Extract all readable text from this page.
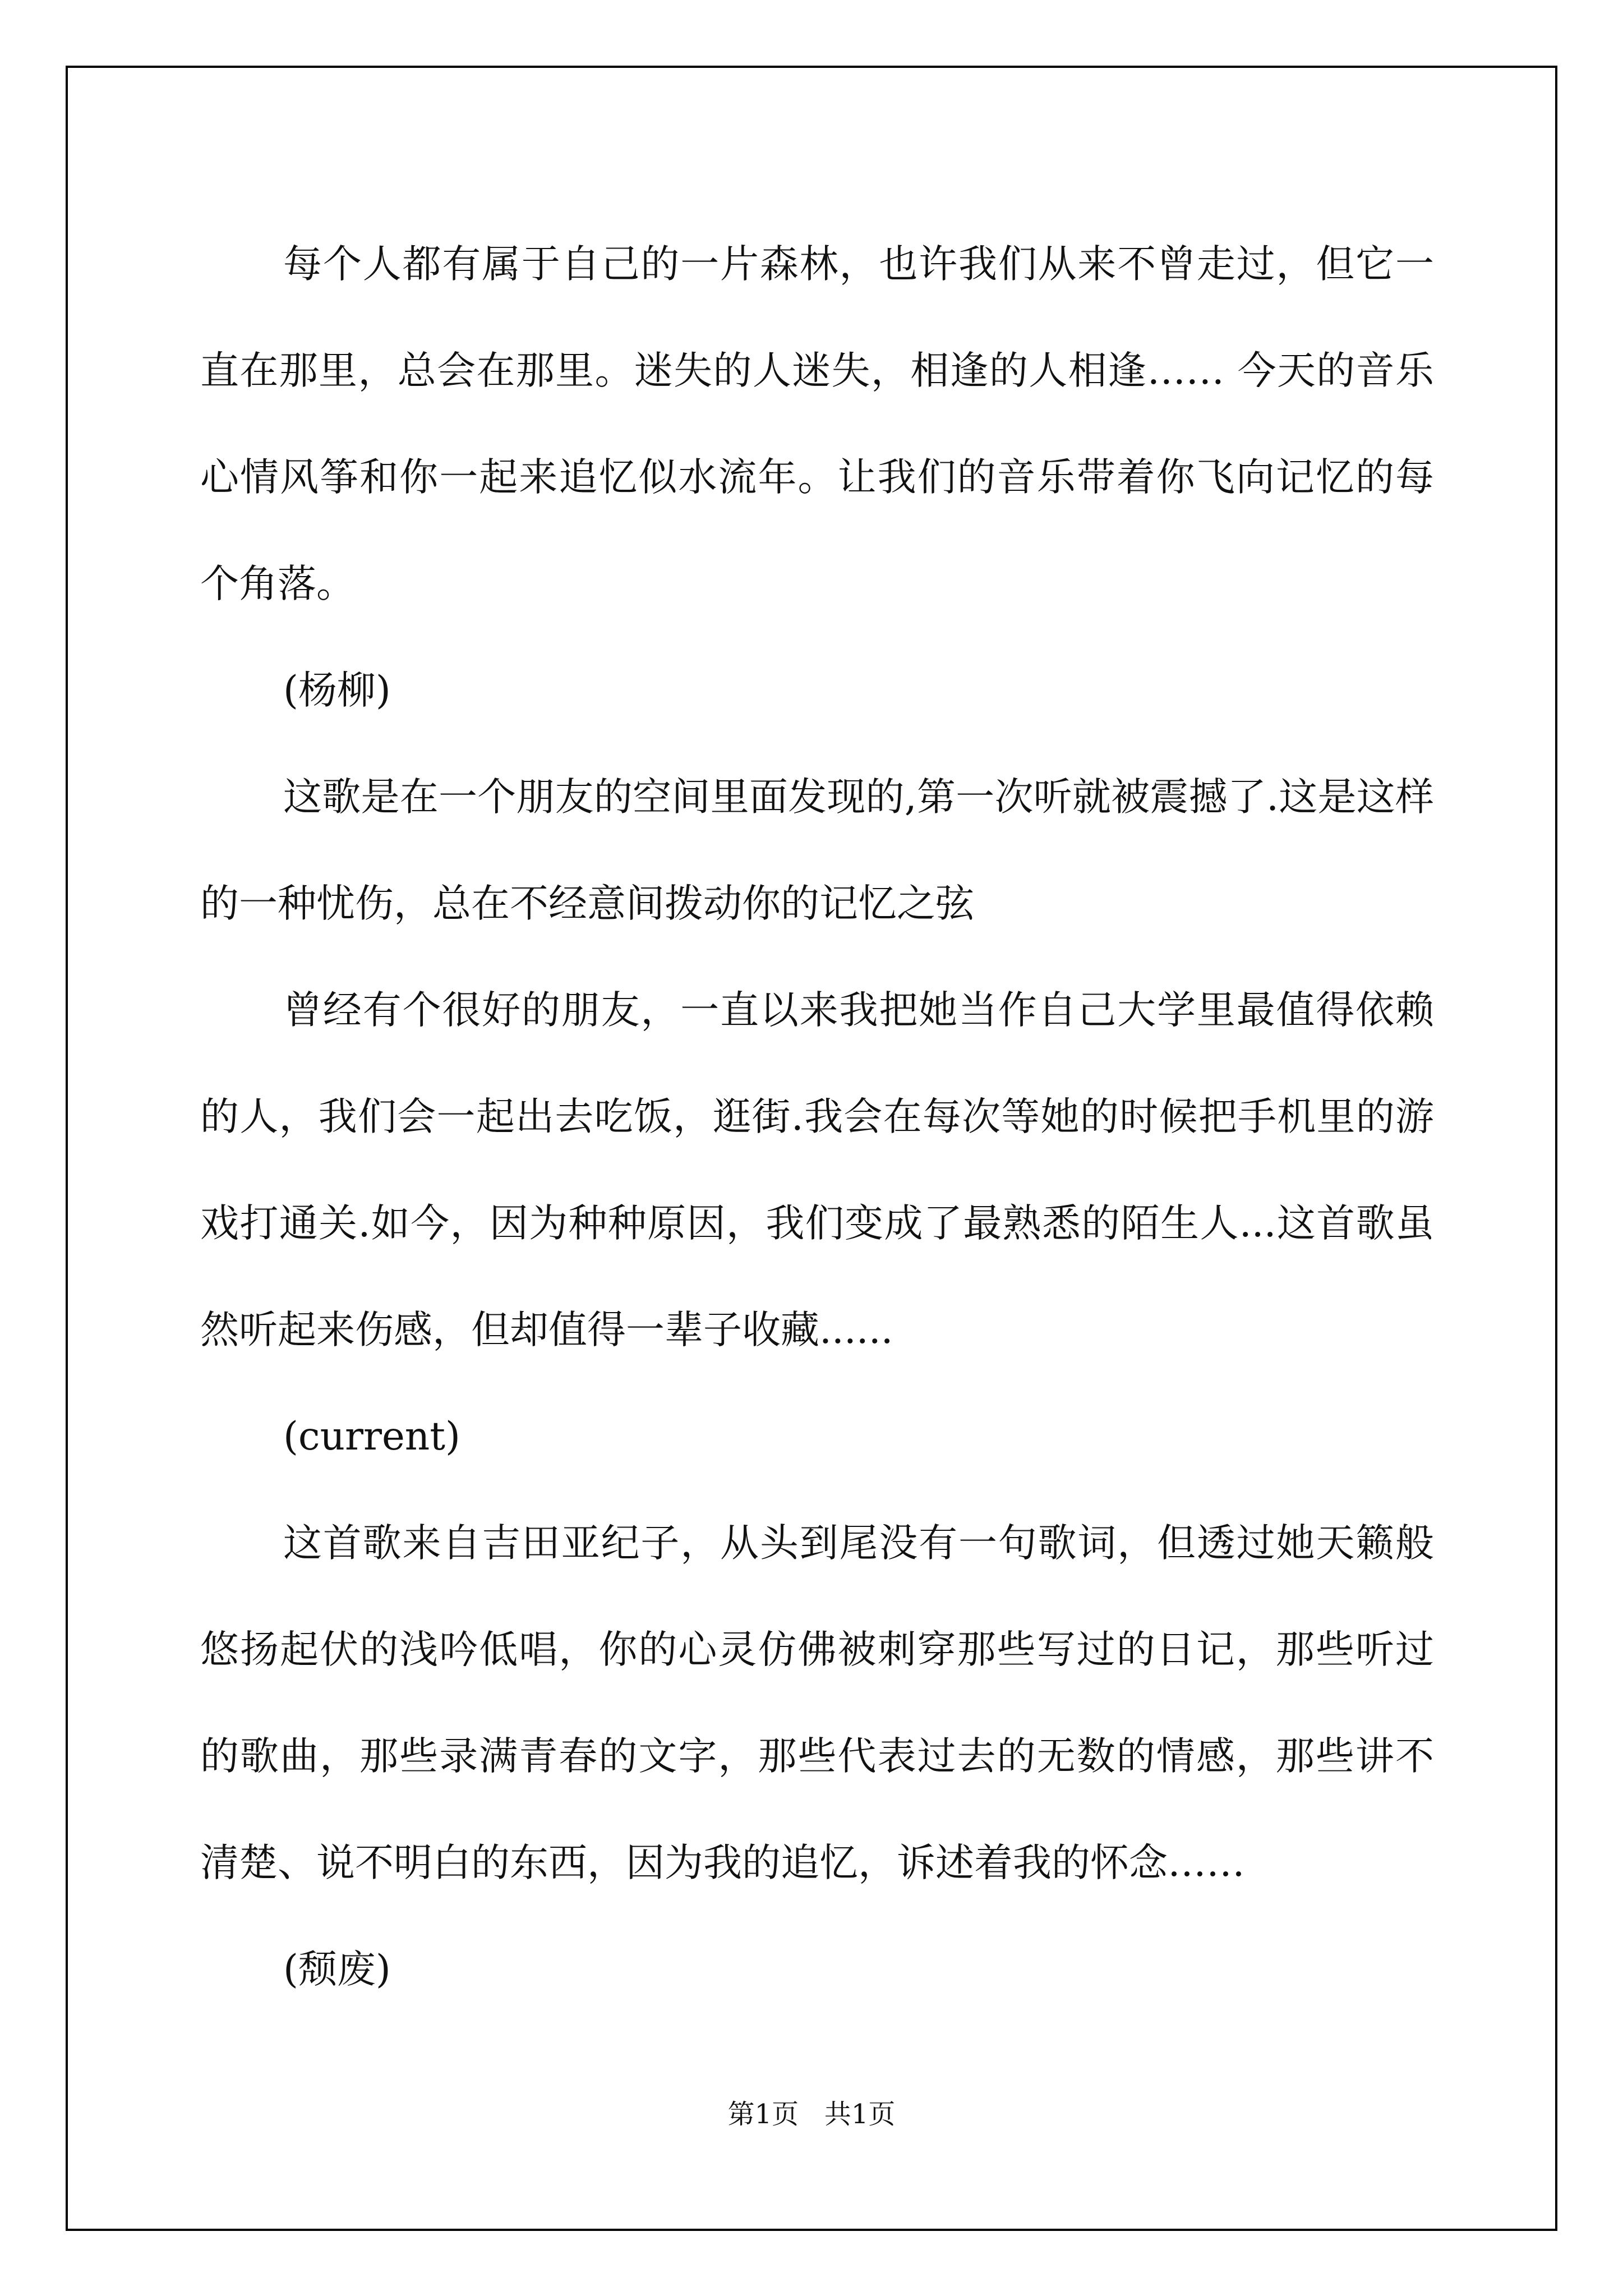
每个人都有属于自己的一片森林，也许我们从来不曾走过，但它一直在那里，总会在那里。迷失的人迷失，相逢的人相逢…… 今天的音乐心情风筝和你一起来追忆似水流年。让我们的音乐带着你飞向记忆的每个角落。

(杨柳)

这歌是在一个朋友的空间里面发现的,第一次听就被震撼了.这是这样的一种忧伤，总在不经意间拨动你的记忆之弦

曾经有个很好的朋友，一直以来我把她当作自己大学里最值得依赖的人，我们会一起出去吃饭，逛街.我会在每次等她的时候把手机里的游戏打通关.如今，因为种种原因，我们变成了最熟悉的陌生人...这首歌虽然听起来伤感，但却值得一辈子收藏......

(current)

这首歌来自吉田亚纪子，从头到尾没有一句歌词，但透过她天籁般悠扬起伏的浅吟低唱，你的心灵仿佛被刺穿那些写过的日记，那些听过的歌曲，那些录满青春的文字，那些代表过去的无数的情感，那些讲不清楚、说不明白的东西，因为我的追忆，诉述着我的怀念……

(颓废)

第1页   共1页
